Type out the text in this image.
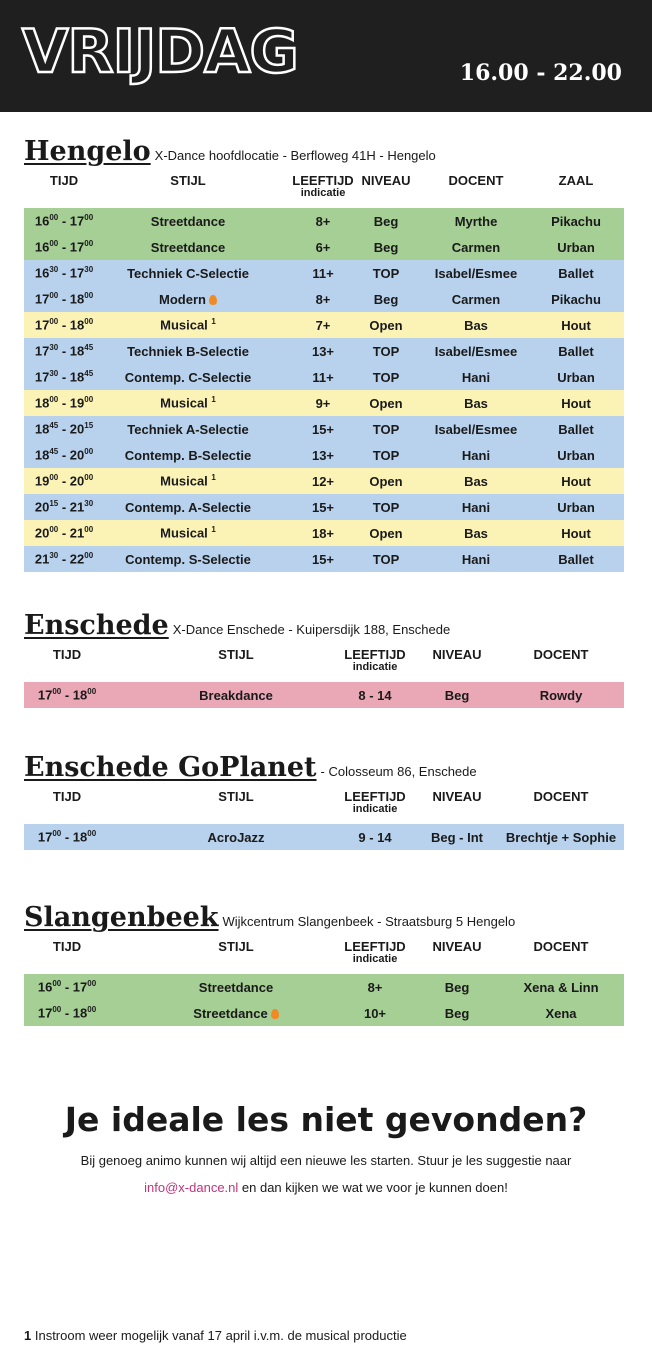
VRIJDAG	16.00 - 22.00
Hengelo X-Dance hoofdlocatie - Berfloweg 41H - Hengelo
TIJD	STIJL	LEEFTIJD
indicatie
NIVEAU	DOCENT	ZAAL
$16^{00} - 17^{00}$	Streetdance	8+	Beg	Myrthe	Pikachu
$16^{00} - 17^{00}$	Streetdance	6+	Beg	Carmen	Urban
$16^{30} - 17^{30}$	Techniek C-Selectie	11+	TOP	Isabel/Esmee	Ballet
$17^{00} - 18^{00}$	Modern	8+	Beg	Carmen	Pikachu
$17^{00} - 18^{00}$	Musical $^1$	7+	Open	Bas	Hout
$17^{30} - 18^{45}$	Techniek B-Selectie	13+	TOP	Isabel/Esmee	Ballet
$17^{30} - 18^{45}$	Contemp. C-Selectie	11+	TOP	Hani	Urban
$18^{00} - 19^{00}$	Musical $^1$	9+	Open	Bas	Hout
$18^{45} - 20^{15}$	Techniek A-Selectie	15+	TOP	Isabel/Esmee	Ballet
$18^{45} - 20^{00}$	Contemp. B-Selectie	13+	TOP	Hani	Urban
$19^{00} - 20^{00}$	Musical $^1$	12+	Open	Bas	Hout
$20^{15} - 21^{30}$	Contemp. A-Selectie	15+	TOP	Hani	Urban
$20^{00} - 21^{00}$	Musical $^1$	18+	Open	Bas	Hout
$21^{30} - 22^{00}$	Contemp. S-Selectie	15+	TOP	Hani	Ballet
Enschede X-Dance Enschede - Kuipersdijk 188, Enschede
TIJD	STIJL	LEEFTIJD
indicatie
NIVEAU	DOCENT
$17^{00} - 18^{00}$	Breakdance	8 - 14	Beg	Rowdy
Enschede GoPlanet - Colosseum 86, Enschede
TIJD	STIJL	LEEFTIJD
indicatie
NIVEAU	DOCENT
$17^{00} - 18^{00}$	AcroJazz	9 - 14	Beg - Int	Brechtje + Sophie
Slangenbeek Wijkcentrum Slangenbeek - Straatsburg 5 Hengelo
TIJD	STIJL	LEEFTIJD
indicatie
NIVEAU	DOCENT
$16^{00} - 17^{00}$	Streetdance	8+	Beg	Xena & Linn
$17^{00} - 18^{00}$	Streetdance	10+	Beg	Xena
Je ideale les niet gevonden?
Bij genoeg animo kunnen wij altijd een nieuwe les starten. Stuur je les suggestie naar
info@x-dance.nl en dan kijken we wat we voor je kunnen doen!
1 Instroom weer mogelijk vanaf 17 april i.v.m. de musical productie
